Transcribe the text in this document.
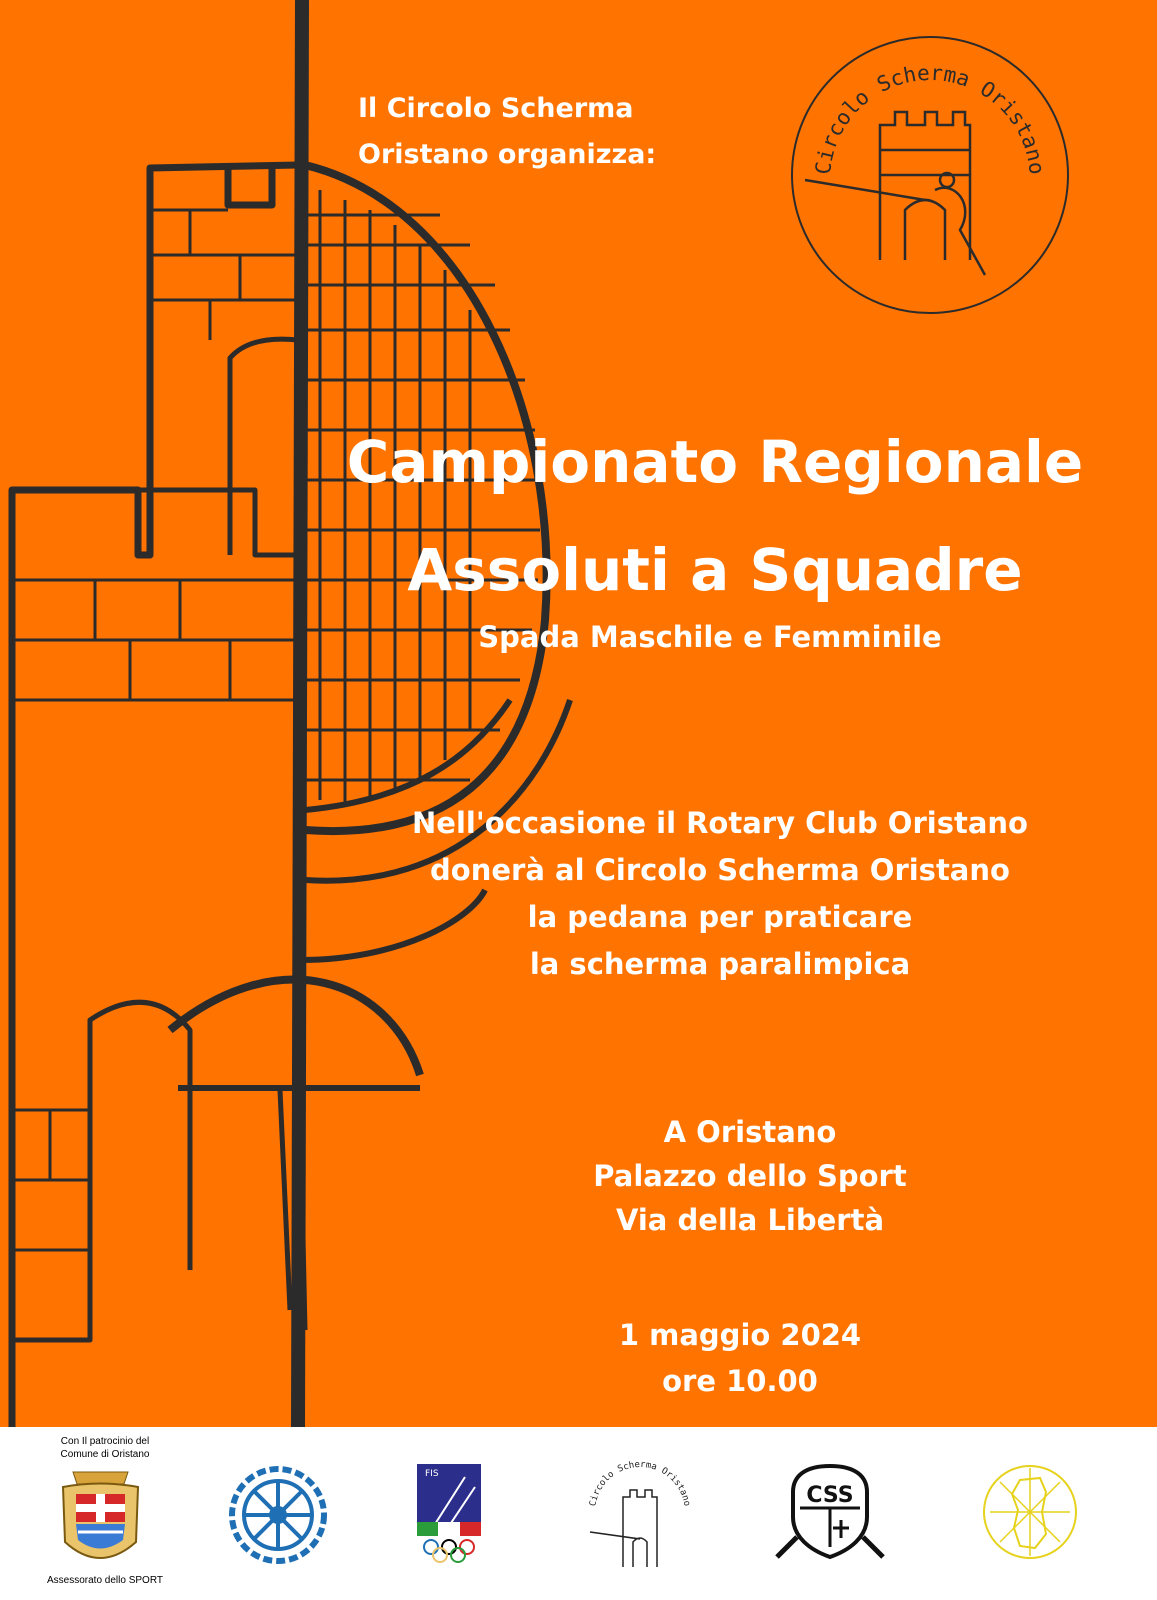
Il Circolo Scherma
Oristano organizza:	Circolo Scherma Oristano
Campionato Regionale
Assoluti a Squadre
Spada Maschile e Femminile
Nell'occasione il Rotary Club Oristano
donerà al Circolo Scherma Oristano
la pedana per praticare
la scherma paralimpica
A Oristano
Palazzo dello Sport
Via della Libertà
1 maggio 2024
ore 10.00
Con Il patrocinio del
Comune di Oristano
Assessorato dello SPORT
FIS
Circolo Scherma Oristano	CSS
